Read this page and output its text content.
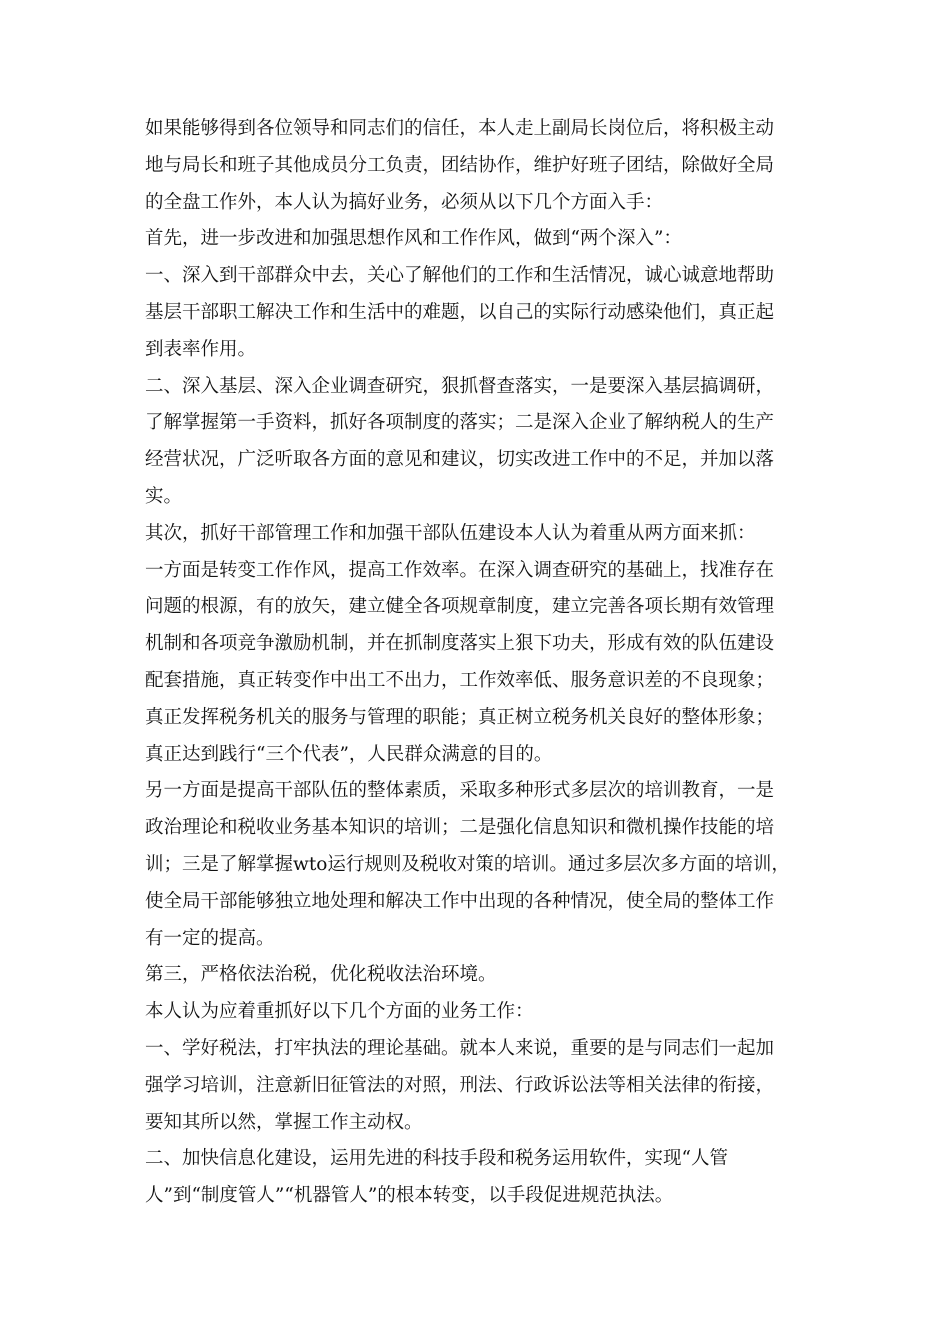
如果能够得到各位领导和同志们的信任，本人走上副局长岗位后，将积极主动
地与局长和班子其他成员分工负责，团结协作，维护好班子团结，除做好全局
的全盘工作外，本人认为搞好业务，必须从以下几个方面入手：
首先，进一步改进和加强思想作风和工作作风，做到“两个深入”：
一、深入到干部群众中去，关心了解他们的工作和生活情况，诚心诚意地帮助
基层干部职工解决工作和生活中的难题，以自己的实际行动感染他们，真正起
到表率作用。
二、深入基层、深入企业调查研究，狠抓督查落实，一是要深入基层搞调研，
了解掌握第一手资料，抓好各项制度的落实；二是深入企业了解纳税人的生产
经营状况，广泛听取各方面的意见和建议，切实改进工作中的不足，并加以落
实。
其次，抓好干部管理工作和加强干部队伍建设本人认为着重从两方面来抓：
一方面是转变工作作风，提高工作效率。在深入调查研究的基础上，找准存在
问题的根源，有的放矢，建立健全各项规章制度，建立完善各项长期有效管理
机制和各项竞争激励机制，并在抓制度落实上狠下功夫，形成有效的队伍建设
配套措施，真正转变作中出工不出力，工作效率低、服务意识差的不良现象；
真正发挥税务机关的服务与管理的职能；真正树立税务机关良好的整体形象；
真正达到践行“三个代表”，人民群众满意的目的。
另一方面是提高干部队伍的整体素质，采取多种形式多层次的培训教育，一是
政治理论和税收业务基本知识的培训；二是强化信息知识和微机操作技能的培
训；三是了解掌握wto运行规则及税收对策的培训。通过多层次多方面的培训，
使全局干部能够独立地处理和解决工作中出现的各种情况，使全局的整体工作
有一定的提高。
第三，严格依法治税，优化税收法治环境。
本人认为应着重抓好以下几个方面的业务工作：
一、学好税法，打牢执法的理论基础。就本人来说，重要的是与同志们一起加
强学习培训，注意新旧征管法的对照，刑法、行政诉讼法等相关法律的衔接，
要知其所以然，掌握工作主动权。
二、加快信息化建设，运用先进的科技手段和税务运用软件，实现“人管
人”到“制度管人”“机器管人”的根本转变，以手段促进规范执法。
